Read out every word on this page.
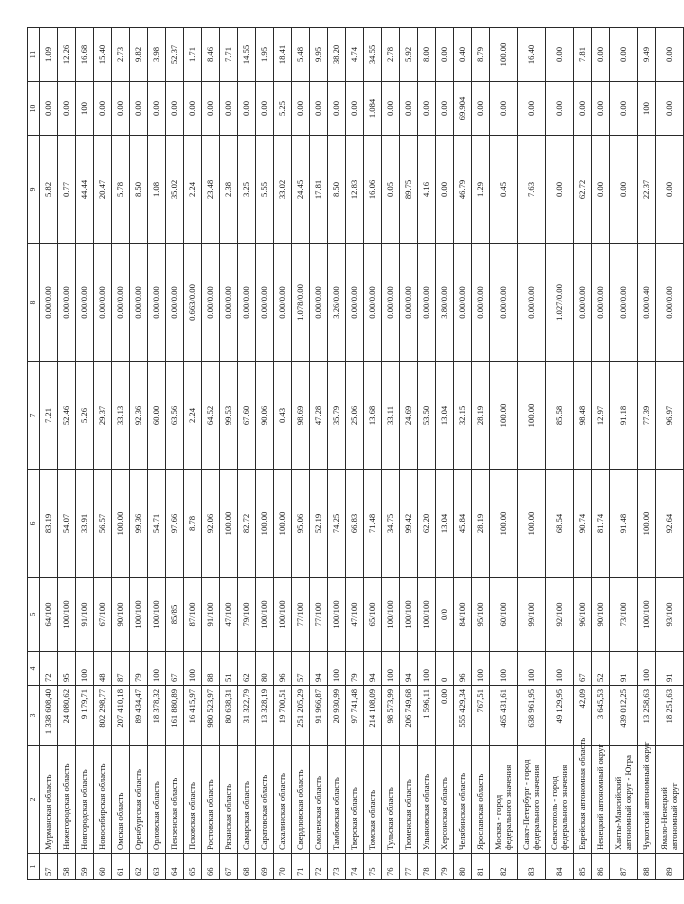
1	2	3	4	5	6	7	8	9	10	11
57	Мурманская область	1 338 608,40	72	64/100	83.19	7.21	0.00/0.00	5.82	0.00	1.09
58	Нижегородская область	24 080,62	95	100/100	54.07	52.46	0.00/0.00	0.77	0.00	12.26
59	Новгородская область	9 179,71	100	91/100	33.91	5.26	0.00/0.00	44.44	100	16.68
60	Новосибирская область	802 298,77	48	67/100	56.57	29.37	0.00/0.00	20.47	0.00	15.40
61	Омская область	207 410,18	87	90/100	100.00	33.13	0.00/0.00	5.78	0.00	2.73
62	Оренбургская область	89 434,47	79	100/100	99.36	92.36	0.00/0.00	8.50	0.00	9.82
63	Орловская область	18 378,32	100	100/100	54.71	60.00	0.00/0.00	1.08	0.00	3.98
64	Пензенская область	161 880,89	67	85/85	97.66	63.56	0.00/0.00	35.02	0.00	52.37
65	Псковская область	16 415,97	100	87/100	8.78	2.24	0.663/0.00	2.24	0.00	1.71
66	Ростовская область	980 523,97	88	91/100	92.06	64.52	0.00/0.00	23.48	0.00	8.46
67	Рязанская область	80 638,31	51	47/100	100.00	99.53	0.00/0.00	2.38	0.00	7.71
68	Самарская область	31 322,79	62	79/100	82.72	67.60	0.00/0.00	3.25	0.00	14.55
69	Саратовская область	13 328,19	80	100/100	100.00	90.06	0.00/0.00	5.55	0.00	1.95
70	Сахалинская область	19 700,51	96	100/100	100.00	0.43	0.00/0.00	33.02	5.25	18.41
71	Свердловская область	251 205,29	57	77/100	95.06	98.69	1.078/0.00	24.45	0.00	5.48
72	Смоленская область	91 966,87	94	77/100	52.19	47.28	0.00/0.00	17.81	0.00	9.95
73	Тамбовская область	20 930,99	100	100/100	74.25	35.79	3.26/0.00	8.50	0.00	38.20
74	Тверская область	97 741,48	79	47/100	66.83	25.06	0.00/0.00	12.83	0.00	4.74
75	Томская область	214 108,09	94	65/100	71.48	13.68	0.00/0.00	16.06	1.084	34.55
76	Тульская область	98 573,99	100	100/100	34.75	33.11	0.00/0.00	0.05	0.00	2.78
77	Тюменская область	206 749,68	94	100/100	99.42	24.69	0.00/0.00	89.75	0.00	5.92
78	Ульяновская область	1 596,11	100	100/100	62.20	53.50	0.00/0.00	4.16	0.00	8.00
79	Херсонская область	0.00	0	0/0	13.04	13.04	3.80/0.00	0.00	0.00	0.00
80	Челябинская область	555 429,34	96	84/100	45.84	32.15	0.00/0.00	46.79	69.904	0.40
81	Ярославская область	767,51	100	95/100	28.19	28.19	0.00/0.00	1.29	0.00	8.79
82	Москва - город федерального значения	465 431,61	100	60/100	100.00	100.00	0.00/0.00	0.45	0.00	100.00
83	Санкт-Петербург - город федерального значения	638 961,95	100	99/100	100.00	100.00	0.00/0.00	7.63	0.00	16.40
84	Севастополь - город федерального значения	49 129,95	100	92/100	68.54	85.58	1.027/0.00	0.00	0.00	0.00
85	Еврейская автономная область	42,09	67	96/100	90.74	98.48	0.00/0.00	62.72	0.00	7.81
86	Ненецкий автономный округ	3 645,53	52	90/100	81.74	12.97	0.00/0.00	0.00	0.00	0.00
87	Ханты-Мансийский автономный округ - Югра	439 012,25	91	73/100	91.48	91.18	0.00/0.00	0.00	0.00	0.00
88	Чукотский автономный округ	13 258,63	100	100/100	100.00	77.39	0.00/0.40	22.37	100	9.49
89	Ямало-Ненецкий автономный округ	18 251,63	91	93/100	92.64	96.97	0.00/0.00	0.00	0.00	0.00
